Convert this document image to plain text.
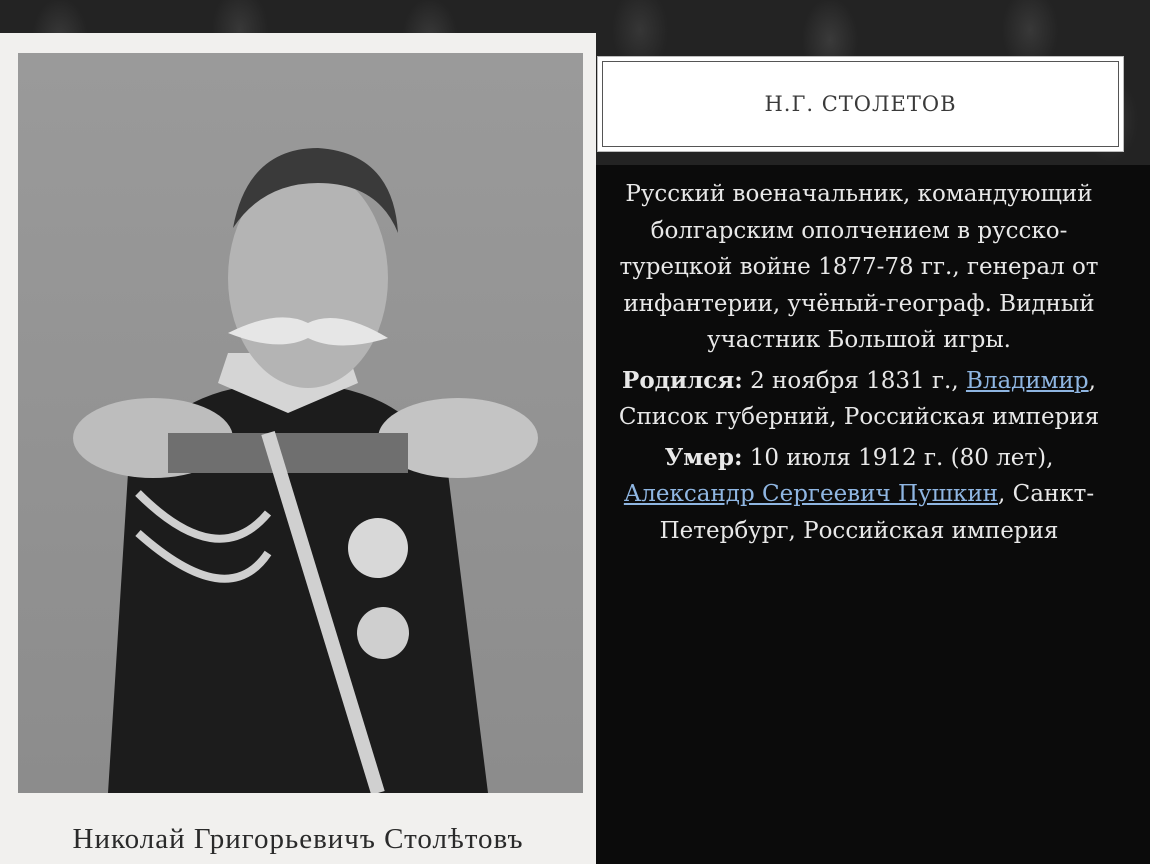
Николай Григорьевичъ Столѣтовъ
Н.Г. СТОЛЕТОВ

Русский военачальник, командующий болгарским ополчением в русско-турецкой войне 1877-78 гг., генерал от инфантерии, учёный-географ. Видный участник Большой игры.

Родился: 2 ноября 1831 г., Владимир, Список губерний, Российская империя

Умер: 10 июля 1912 г. (80 лет), Александр Сергеевич Пушкин, Санкт-Петербург, Российская империя
